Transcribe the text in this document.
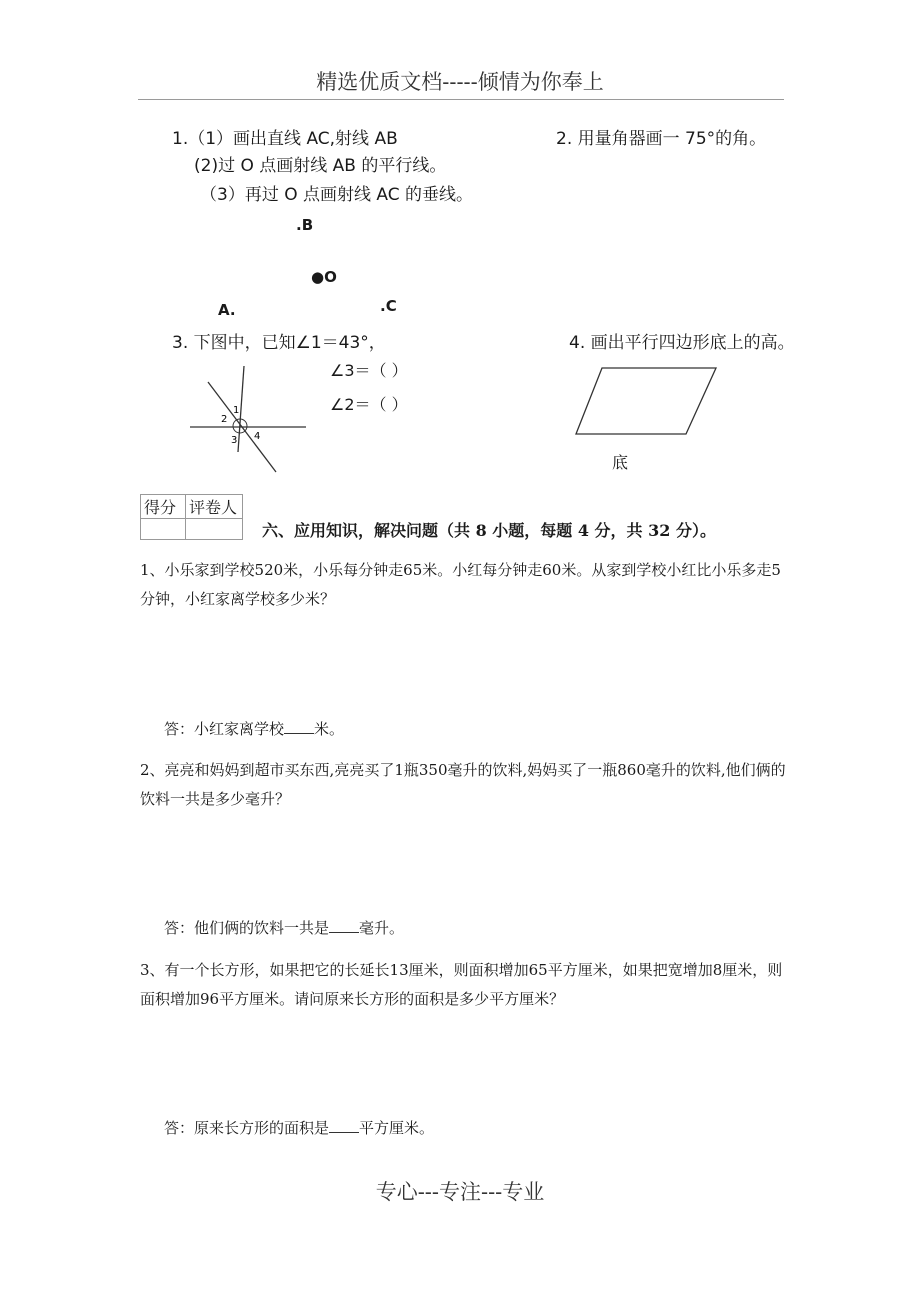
精选优质文档-----倾情为你奉上
1.（1）画出直线 AC,射线 AB
(2)过 O 点画射线 AB 的平行线。
（3）再过 O 点画射线 AC 的垂线。
.B
●O
A.	.C
2. 用量角器画一 75°的角。
3. 下图中，已知∠1＝43°，
∠3＝（ ）
∠2＝（ ）
1
2
3 4
4. 画出平行四边形底上的高。
底
得分	评卷人

六、应用知识，解决问题（共 8 小题，每题 4 分，共 32 分）。
1、小乐家到学校520米，小乐每分钟走65米。小红每分钟走60米。从家到学校小红比小乐多走5分钟，小红家离学校多少米？
答：小红家离学校 米。
2、亮亮和妈妈到超市买东西,亮亮买了1瓶350毫升的饮料,妈妈买了一瓶860毫升的饮料,他们俩的饮料一共是多少毫升？
答：他们俩的饮料一共是 毫升。
3、有一个长方形，如果把它的长延长13厘米，则面积增加65平方厘米，如果把宽增加8厘米，则面积增加96平方厘米。请问原来长方形的面积是多少平方厘米？
答：原来长方形的面积是 平方厘米。
专心---专注---专业
